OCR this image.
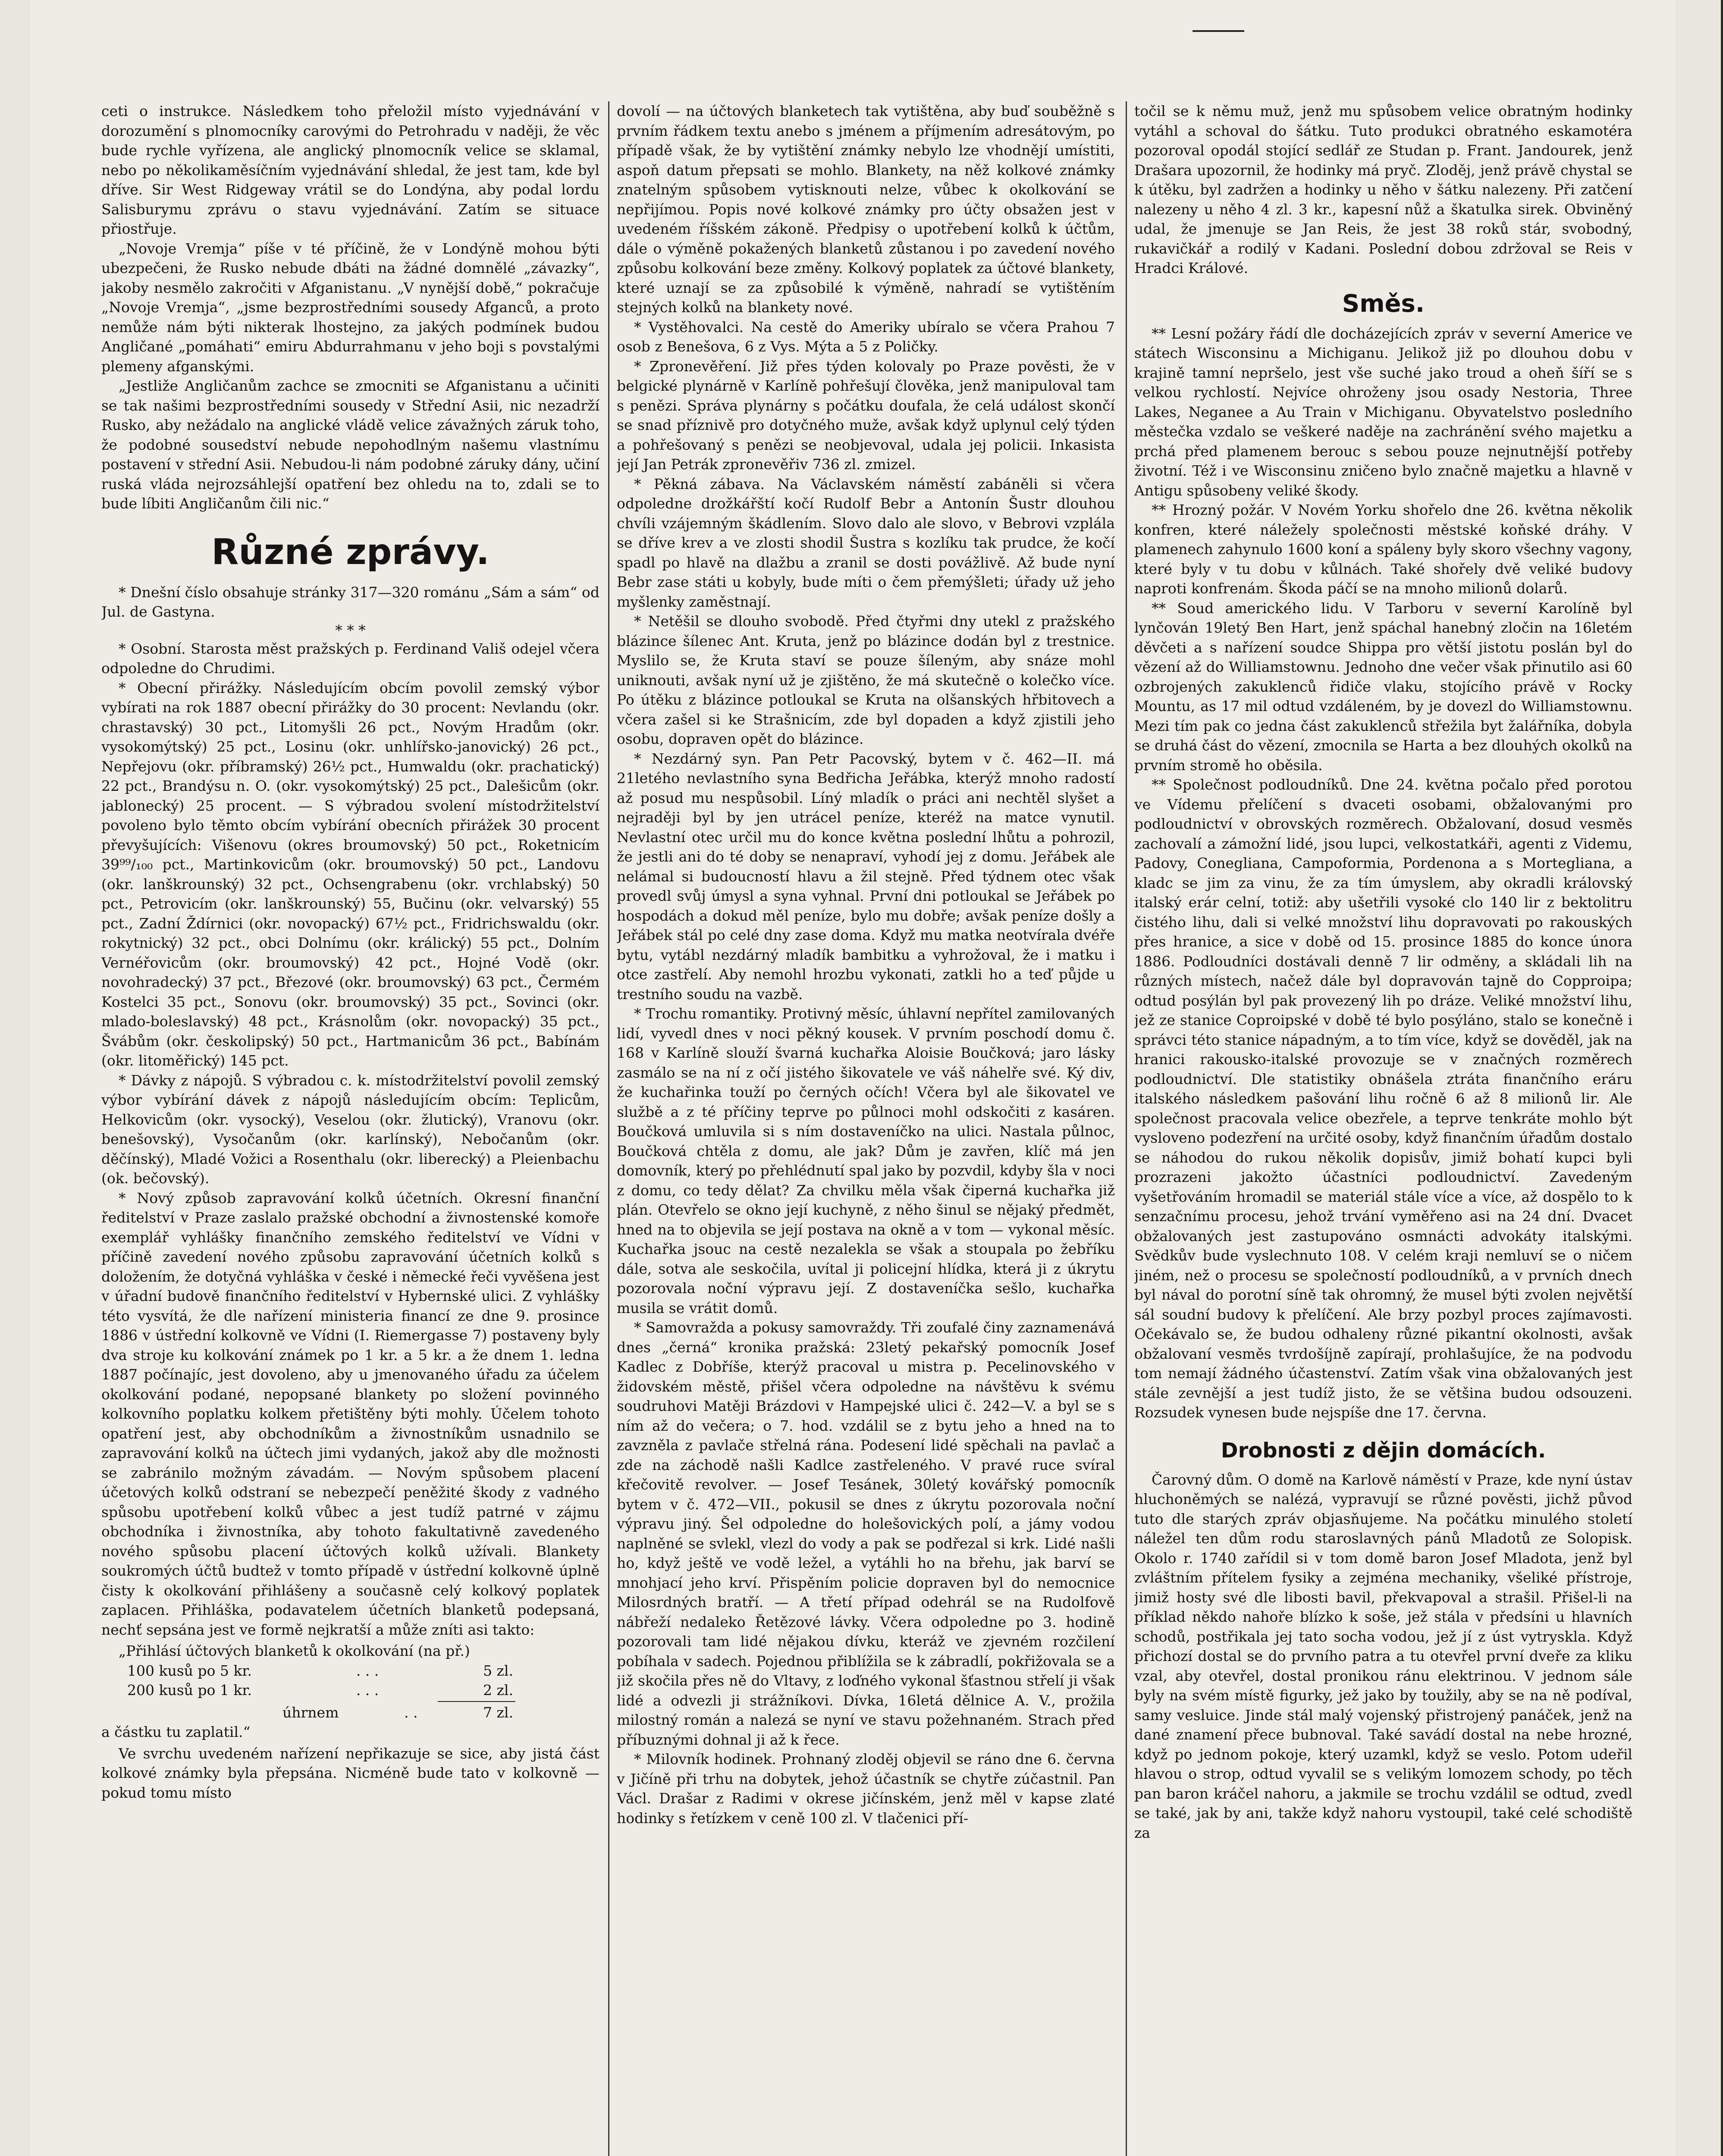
ceti o instrukce. Následkem toho přeložil místo vyjednávání v dorozumění s plnomocníky carovými do Petrohradu v naději, že věc bude rychle vyřízena, ale anglický plnomocník velice se sklamal, nebo po několikaměsíčním vyjednávání shledal, že jest tam, kde byl dříve. Sir West Ridgeway vrátil se do Londýna, aby podal lordu Salisburymu zprávu o stavu vyjednávání. Zatím se situace přiostřuje.

„Novoje Vremja“ píše v té příčině, že v Londýně mohou býti ubezpečeni, že Rusko nebude dbáti na žádné domnělé „závazky“, jakoby nesmělo zakročiti v Afganistanu. „V nynější době,“ pokračuje „Novoje Vremja“, „jsme bezprostředními sousedy Afganců, a proto nemůže nám býti nikterak lhostejno, za jakých podmínek budou Angličané „pomáhati“ emiru Abdurrahmanu v jeho boji s povstalými plemeny afganskými.

„Jestliže Angličanům zachce se zmocniti se Afganistanu a učiniti se tak našimi bezprostředními sousedy v Střední Asii, nic nezadrží Rusko, aby nežádalo na anglické vládě velice závažných záruk toho, že podobné sousedství nebude nepohodlným našemu vlastnímu postavení v střední Asii. Nebudou-li nám podobné záruky dány, učiní ruská vláda nejrozsáhlejší opatření bez ohledu na to, zdali se to bude líbiti Angličanům čili nic.“

Různé zprávy.

* Dnešní číslo obsahuje stránky 317—320 románu „Sám a sám“ od Jul. de Gastyna.

* * *

* Osobní. Starosta měst pražských p. Ferdinand Vališ odejel včera odpoledne do Chrudimi.

* Obecní přirážky. Následujícím obcím povolil zemský výbor vybírati na rok 1887 obecní přirážky do 30 procent: Nevlandu (okr. chrastavský) 30 pct., Litomyšli 26 pct., Novým Hradům (okr. vysokomýtský) 25 pct., Losinu (okr. unhlířsko-janovický) 26 pct., Nepřejovu (okr. příbramský) 26½ pct., Humwaldu (okr. prachatický) 22 pct., Brandýsu n. O. (okr. vysokomýtský) 25 pct., Dalešicům (okr. jablonecký) 25 procent. — S výbradou svolení místodržitelství povoleno bylo těmto obcím vybírání obecních přirážek 30 procent převyšujících: Višenovu (okres broumovský) 50 pct., Roketnicím 39⁹⁹/₁₀₀ pct., Martinkovicům (okr. broumovský) 50 pct., Landovu (okr. lanškrounský) 32 pct., Ochsengrabenu (okr. vrchlabský) 50 pct., Petrovicím (okr. lanškrounský) 55, Bučinu (okr. velvarský) 55 pct., Zadní Ždírnici (okr. novopacký) 67½ pct., Fridrichswaldu (okr. rokytnický) 32 pct., obci Dolnímu (okr. králický) 55 pct., Dolním Vernéřovicům (okr. broumovský) 42 pct., Hojné Vodě (okr. novohradecký) 37 pct., Březové (okr. broumovský) 63 pct., Čermém Kostelci 35 pct., Sonovu (okr. broumovský) 35 pct., Sovinci (okr. mlado-boleslavský) 48 pct., Krásnolům (okr. novopacký) 35 pct., Švábům (okr. českolipský) 50 pct., Hartmanicům 36 pct., Babínám (okr. litoměřický) 145 pct.

* Dávky z nápojů. S výbradou c. k. místodržitelství povolil zemský výbor vybírání dávek z nápojů následujícím obcím: Teplicům, Helkovicům (okr. vysocký), Veselou (okr. žlutický), Vranovu (okr. benešovský), Vysočanům (okr. karlínský), Nebočanům (okr. děčínský), Mladé Vožici a Rosenthalu (okr. liberecký) a Pleienbachu (ok. bečovský).

* Nový způsob zapravování kolků účetních. Okresní finanční ředitelství v Praze zaslalo pražské obchodní a živnostenské komoře exemplář vyhlášky finančního zemského ředitelství ve Vídni v příčině zavedení nového způsobu zapravování účetních kolků s doložením, že dotyčná vyhláška v české i německé řeči vyvěšena jest v úřadní budově finančního ředitelství v Hybernské ulici. Z vyhlášky této vysvítá, že dle nařízení ministeria financí ze dne 9. prosince 1886 v ústřední kolkovně ve Vídni (I. Riemergasse 7) postaveny byly dva stroje ku kolkování známek po 1 kr. a 5 kr. a že dnem 1. ledna 1887 počínajíc, jest dovoleno, aby u jmenovaného úřadu za účelem okolkování podané, nepopsané blankety po složení povinného kolkovního poplatku kolkem přetištěny býti mohly. Účelem tohoto opatření jest, aby obchodníkům a živnostníkům usnadnilo se zapravování kolků na účtech jimi vydaných, jakož aby dle možnosti se zabránilo možným závadám. — Novým spůsobem placení účetových kolků odstraní se nebezpečí peněžité škody z vadného spůsobu upotřebení kolků vůbec a jest tudíž patrné v zájmu obchodníka i živnostníka, aby tohoto fakultativně zavedeného nového spůsobu placení účtových kolků užívali. Blankety soukromých účtů budtež v tomto případě v ústřední kolkovně úplně čisty k okolkování přihlášeny a současně celý kolkový poplatek zaplacen. Přihláška, podavatelem účetních blanketů podepsaná, nechť sepsána jest ve formě nejkratší a může zníti asi takto:

„Přihlásí účtových blanketů k okolkování (na př.)

100 kusů po 5 kr.	. . .	5 zl.
200 kusů po 1 kr.	. . .	2 zl.
úhrnem	. .	7 zl.

a částku tu zaplatil.“

Ve svrchu uvedeném nařízení nepřikazuje se sice, aby jistá část kolkové známky byla přepsána. Nicméně bude tato v kolkovně — pokud tomu místo

dovolí — na účtových blanketech tak vytištěna, aby buď souběžně s prvním řádkem textu anebo s jménem a příjmením adresátovým, po případě však, že by vytištění známky nebylo lze vhodnějí umístiti, aspoň datum přepsati se mohlo. Blankety, na něž kolkové známky znatelným spůsobem vytisknouti nelze, vůbec k okolkování se nepřijímou. Popis nové kolkové známky pro účty obsažen jest v uvedeném říšském zákoně. Předpisy o upotřebení kolků k účtům, dále o výměně pokažených blanketů zůstanou i po zavedení nového způsobu kolkování beze změny. Kolkový poplatek za účtové blankety, které uznají se za způsobilé k výměně, nahradí se vytištěním stejných kolků na blankety nové.

* Vystěhovalci. Na cestě do Ameriky ubíralo se včera Prahou 7 osob z Benešova, 6 z Vys. Mýta a 5 z Poličky.

* Zpronevěření. Již přes týden kolovaly po Praze pověsti, že v belgické plynárně v Karlíně pohřešují člověka, jenž manipuloval tam s penězi. Správa plynárny s počátku doufala, že celá událost skončí se snad příznivě pro dotyčného muže, avšak když uplynul celý týden a pohřešovaný s penězi se neobjevoval, udala jej policii. Inkasista její Jan Petrák zpronevěřiv 736 zl. zmizel.

* Pěkná zábava. Na Václavském náměstí zabáněli si včera odpoledne drožkářští kočí Rudolf Bebr a Antonín Šustr dlouhou chvíli vzájemným škádlením. Slovo dalo ale slovo, v Bebrovi vzplála se dříve krev a ve zlosti shodil Šustra s kozlíku tak prudce, že kočí spadl po hlavě na dlažbu a zranil se dosti povážlivě. Až bude nyní Bebr zase státi u kobyly, bude míti o čem přemýšleti; úřady už jeho myšlenky zaměstnají.

* Netěšil se dlouho svobodě. Před čtyřmi dny utekl z pražského blázince šílenec Ant. Kruta, jenž po blázince dodán byl z trestnice. Myslilo se, že Kruta staví se pouze šíleným, aby snáze mohl uniknouti, avšak nyní už je zjištěno, že má skutečně o kolečko více. Po útěku z blázince potloukal se Kruta na olšanských hřbitovech a včera zašel si ke Strašnicím, zde byl dopaden a když zjistili jeho osobu, dopraven opět do blázince.

* Nezdárný syn. Pan Petr Pacovský, bytem v č. 462—II. má 21letého nevlastního syna Bedřicha Jeřábka, kterýž mnoho radostí až posud mu nespůsobil. Líný mladík o práci ani nechtěl slyšet a nejraději byl by jen utrácel peníze, kteréž na matce vynutil. Nevlastní otec určil mu do konce května poslední lhůtu a pohrozil, že jestli ani do té doby se nenapraví, vyhodí jej z domu. Jeřábek ale nelámal si budoucností hlavu a žil stejně. Před týdnem otec však provedl svůj úmysl a syna vyhnal. První dni potloukal se Jeřábek po hospodách a dokud měl peníze, bylo mu dobře; avšak peníze došly a Jeřábek stál po celé dny zase doma. Když mu matka neotvírala dvéře bytu, vytábl nezdárný mladík bambitku a vyhrožoval, že i matku i otce zastřelí. Aby nemohl hrozbu vykonati, zatkli ho a teď půjde u trestního soudu na vazbě.

* Trochu romantiky. Protivný měsíc, úhlavní nepřítel zamilovaných lidí, vyvedl dnes v noci pěkný kousek. V prvním poschodí domu č. 168 v Karlíně slouží švarná kuchařka Aloisie Boučková; jaro lásky zasmálo se na ní z očí jistého šikovatele ve váš náhelře své. Ký div, že kuchařinka touží po černých očích! Včera byl ale šikovatel ve službě a z té příčiny teprve po půlnoci mohl odskočiti z kasáren. Boučková umluvila si s ním dostaveníčko na ulici. Nastala půlnoc, Boučková chtěla z domu, ale jak? Dům je zavřen, klíč má jen domovník, který po přehlédnutí spal jako by pozvdil, kdyby šla v noci z domu, co tedy dělat? Za chvilku měla však čiperná kuchařka již plán. Otevřelo se okno její kuchyně, z něho šinul se nějaký předmět, hned na to objevila se její postava na okně a v tom — vykonal měsíc. Kuchařka jsouc na cestě nezalekla se však a stoupala po žebříku dále, sotva ale seskočila, uvítal ji policejní hlídka, která ji z úkrytu pozorovala noční výpravu její. Z dostaveníčka sešlo, kuchařka musila se vrátit domů.

* Samovražda a pokusy samovraždy. Tři zoufalé činy zaznamenává dnes „černá“ kronika pražská: 23letý pekařský pomocník Josef Kadlec z Dobříše, kterýž pracoval u mistra p. Pecelinovského v židovském městě, přišel včera odpoledne na návštěvu k svému soudruhovi Matěji Brázdovi v Hampejské ulici č. 242—V. a byl se s ním až do večera; o 7. hod. vzdálil se z bytu jeho a hned na to zavzněla z pavlače střelná rána. Podesení lidé spěchali na pavlač a zde na záchodě našli Kadlce zastřeleného. V pravé ruce svíral křečovitě revolver. — Josef Tesánek, 30letý kovářský pomocník bytem v č. 472—VII., pokusil se dnes z úkrytu pozorovala noční výpravu jiný. Šel odpoledne do holešovických polí, a jámy vodou naplněné se svlekl, vlezl do vody a pak se podřezal si krk. Lidé našli ho, když ještě ve vodě ležel, a vytáhli ho na břehu, jak barví se mnohjací jeho krví. Přispěním policie dopraven byl do nemocnice Milosrdných bratří. — A třetí případ odehrál se na Rudolfově nábřeží nedaleko Řetězové lávky. Včera odpoledne po 3. hodině pozorovali tam lidé nějakou dívku, kteráž ve zjevném rozčilení pobíhala v sadech. Pojednou přiblížila se k zábradlí, pokřižovala se a již skočila přes ně do Vltavy, z loďného vykonal šťastnou střelí ji však lidé a odvezli ji strážníkovi. Dívka, 16letá dělnice A. V., prožila milostný román a nalezá se nyní ve stavu požehnaném. Strach před příbuznými dohnal ji až k řece.

* Milovník hodinek. Prohnaný zloděj objevil se ráno dne 6. června v Jičíně při trhu na dobytek, jehož účastník se chytře zúčastnil. Pan Václ. Drašar z Radimi v okrese jičínském, jenž měl v kapse zlaté hodinky s řetízkem v ceně 100 zl. V tlačenici pří-

točil se k němu muž, jenž mu spůsobem velice obratným hodinky vytáhl a schoval do šátku. Tuto produkci obratného eskamotéra pozoroval opodál stojící sedlář ze Studan p. Frant. Jandourek, jenž Drašara upozornil, že hodinky má pryč. Zloděj, jenž právě chystal se k útěku, byl zadržen a hodinky u něho v šátku nalezeny. Při zatčení nalezeny u něho 4 zl. 3 kr., kapesní nůž a škatulka sirek. Obviněný udal, že jmenuje se Jan Reis, že jest 38 roků stár, svobodný, rukavičkář a rodilý v Kadani. Poslední dobou zdržoval se Reis v Hradci Králové.

Směs.

** Lesní požáry řádí dle docházejících zpráv v severní Americe ve státech Wisconsinu a Michiganu. Jelikož již po dlouhou dobu v krajině tamní nepršelo, jest vše suché jako troud a oheň šíří se s velkou rychlostí. Nejvíce ohroženy jsou osady Nestoria, Three Lakes, Neganee a Au Train v Michiganu. Obyvatelstvo posledního městečka vzdalo se veškeré naděje na zachránění svého majetku a prchá před plamenem berouc s sebou pouze nejnutnější potřeby životní. Též i ve Wisconsinu zničeno bylo značně majetku a hlavně v Antigu spůsobeny veliké škody.

** Hrozný požár. V Novém Yorku shořelo dne 26. května několik konfren, které náležely společnosti městské koňské dráhy. V plamenech zahynulo 1600 koní a spáleny byly skoro všechny vagony, které byly v tu dobu v kůlnách. Také shořely dvě veliké budovy naproti konfrenám. Škoda páčí se na mnoho milionů dolarů.

** Soud amerického lidu. V Tarboru v severní Karolíně byl lynčován 19letý Ben Hart, jenž spáchal hanebný zločin na 16letém děvčeti a s nařízení soudce Shippa pro větší jistotu poslán byl do vězení až do Williamstownu. Jednoho dne večer však přinutilo asi 60 ozbrojených zakuklenců řidiče vlaku, stojícího právě v Rocky Mountu, as 17 mil odtud vzdáleném, by je dovezl do Williamstownu. Mezi tím pak co jedna část zakuklenců střežila byt žalářníka, dobyla se druhá část do vězení, zmocnila se Harta a bez dlouhých okolků na prvním stromě ho oběsila.

** Společnost podloudníků. Dne 24. května počalo před porotou ve Vídemu přelíčení s dvaceti osobami, obžalovanými pro podloudnictví v obrovských rozměrech. Obžalovaní, dosud vesměs zachovalí a zámožní lidé, jsou lupci, velkostatkáři, agenti z Videmu, Padovy, Conegliana, Campoformia, Pordenona a s Morteglianа, a kladc se jim za vinu, že za tím úmyslem, aby okradli královský italský erár celní, totiž: aby ušetřili vysoké clo 140 lir z bektolitru čistého lihu, dali si velké množství lihu dopravovati po rakouských přes hranice, a sice v době od 15. prosince 1885 do konce února 1886. Podloudníci dostávali denně 7 lir odměny, a skládali lih na různých místech, načež dále byl dopravován tajně do Copproipa; odtud posýlán byl pak provezený lih po dráze. Veliké množství lihu, jež ze stanice Coproipské v době té bylo posýláno, stalo se konečně i správci této stanice nápadným, a to tím více, když se dověděl, jak na hranici rakousko-italské provozuje se v značných rozměrech podloudnictví. Dle statistiky obnášela ztráta finančního eráru italského následkem pašování lihu ročně 6 až 8 milionů lir. Ale společnost pracovala velice obezřele, a teprve tenkráte mohlo být vysloveno podezření na určité osoby, když finančním úřadům dostalo se náhodou do rukou několik dopisův, jimiž bohatí kupci byli prozrazeni jakožto účastníci podloudnictví. Zavedeným vyšetřováním hromadil se materiál stále více a více, až dospělo to k senzačnímu procesu, jehož trvání vyměřeno asi na 24 dní. Dvacet obžalovaných jest zastupováno osmnácti advokáty italskými. Svědkův bude vyslechnuto 108. V celém kraji nemluví se o ničem jiném, než o procesu se společností podloudníků, a v prvních dnech byl nával do porotní síně tak ohromný, že musel býti zvolen největší sál soudní budovy k přelíčení. Ale brzy pozbyl proces zajímavosti. Očekávalo se, že budou odhaleny různé pikantní okolnosti, avšak obžalovaní vesměs tvrdošíjně zapírají, prohlašujíce, že na podvodu tom nemají žádného účastenství. Zatím však vina obžalovaných jest stále zevnější a jest tudíž jisto, že se většina budou odsouzeni. Rozsudek vynesen bude nejspíše dne 17. června.

Drobnosti z dějin domácích.

Čarovný dům. O domě na Karlově náměstí v Praze, kde nyní ústav hluchoněmých se nalézá, vypravují se různé pověsti, jichž původ tuto dle starých zpráv objasňujeme. Na počátku minulého století náležel ten dům rodu staroslavných pánů Mladotů ze Solopisk. Okolo r. 1740 zařídil si v tom domě baron Josef Mladota, jenž byl zvláštním přítelem fysiky a zejména mechaniky, všeliké přístroje, jimiž hosty své dle libosti bavil, překvapoval a strašil. Přišel-li na příklad někdo nahoře blízko k soše, jež stála v předsíni u hlavních schodů, postřikala jej tato socha vodou, jež jí z úst vytryskla. Když přichozí dostal se do prvního patra a tu otevřel první dveře za kliku vzal, aby otevřel, dostal pronikou ránu elektrinou. V jednom sále byly na svém místě figurky, jež jako by toužily, aby se na ně podíval, samy vesluice. Jinde stál malý vojenský přistrojený panáček, jenž na dané znamení přece bubnoval. Také savádí dostal na nebe hrozné, když po jednom pokoje, který uzamkl, když se veslo. Potom udeřil hlavou o strop, odtud vyvalil se s velikým lomozem schody, po těch pan baron kráčel nahoru, a jakmile se trochu vzdálil se odtud, zvedl se také, jak by ani, takže když nahoru vystoupil, také celé schodiště za
